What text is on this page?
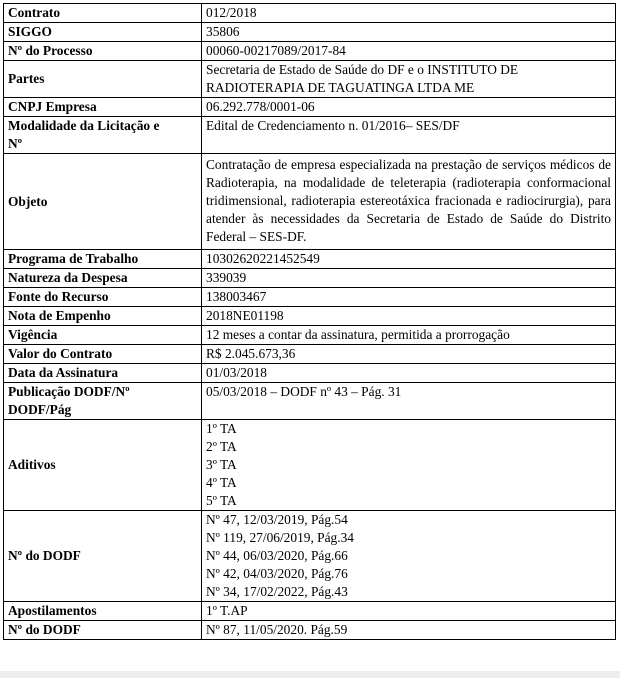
Contrato	012/2018
SIGGO	35806
Nº do Processo	00060-00217089/2017-84
Partes	Secretaria de Estado de Saúde do DF e o INSTITUTO DE
RADIOTERAPIA DE TAGUATINGA LTDA ME

CNPJ Empresa	06.292.778/0001-06

Modalidade da Licitação e
Nº	Edital de Credenciamento n. 01/2016– SES/DF
Objeto	Contratação de empresa especializada na prestação de serviços médicos de Radioterapia, na modalidade de teleterapia (radioterapia conformacional tridimensional, radioterapia estereotáxica fracionada e radiocirurgia), para atender às necessidades da Secretaria de Estado de Saúde do Distrito Federal – SES-DF.
Programa de Trabalho	10302620221452549
Natureza da Despesa	339039
Fonte do Recurso	138003467
Nota de Empenho	2018NE01198
Vigência	12 meses a contar da assinatura, permitida a prorrogação
Valor do Contrato	R$ 2.045.673,36
Data da Assinatura	01/03/2018

Publicação DODF/Nº
DODF/Pág	05/03/2018 – DODF nº 43 – Pág. 31
Aditivos	1º TA
2º TA
3º TA
4º TA
5º TA

Nº do DODF	Nº 47, 12/03/2019, Pág.54
Nº 119, 27/06/2019, Pág.34
Nº 44, 06/03/2020, Pág.66
Nº 42, 04/03/2020, Pág.76
Nº 34, 17/02/2022, Pág.43

Apostilamentos	1º T.AP
Nº do DODF	Nº 87, 11/05/2020. Pág.59
